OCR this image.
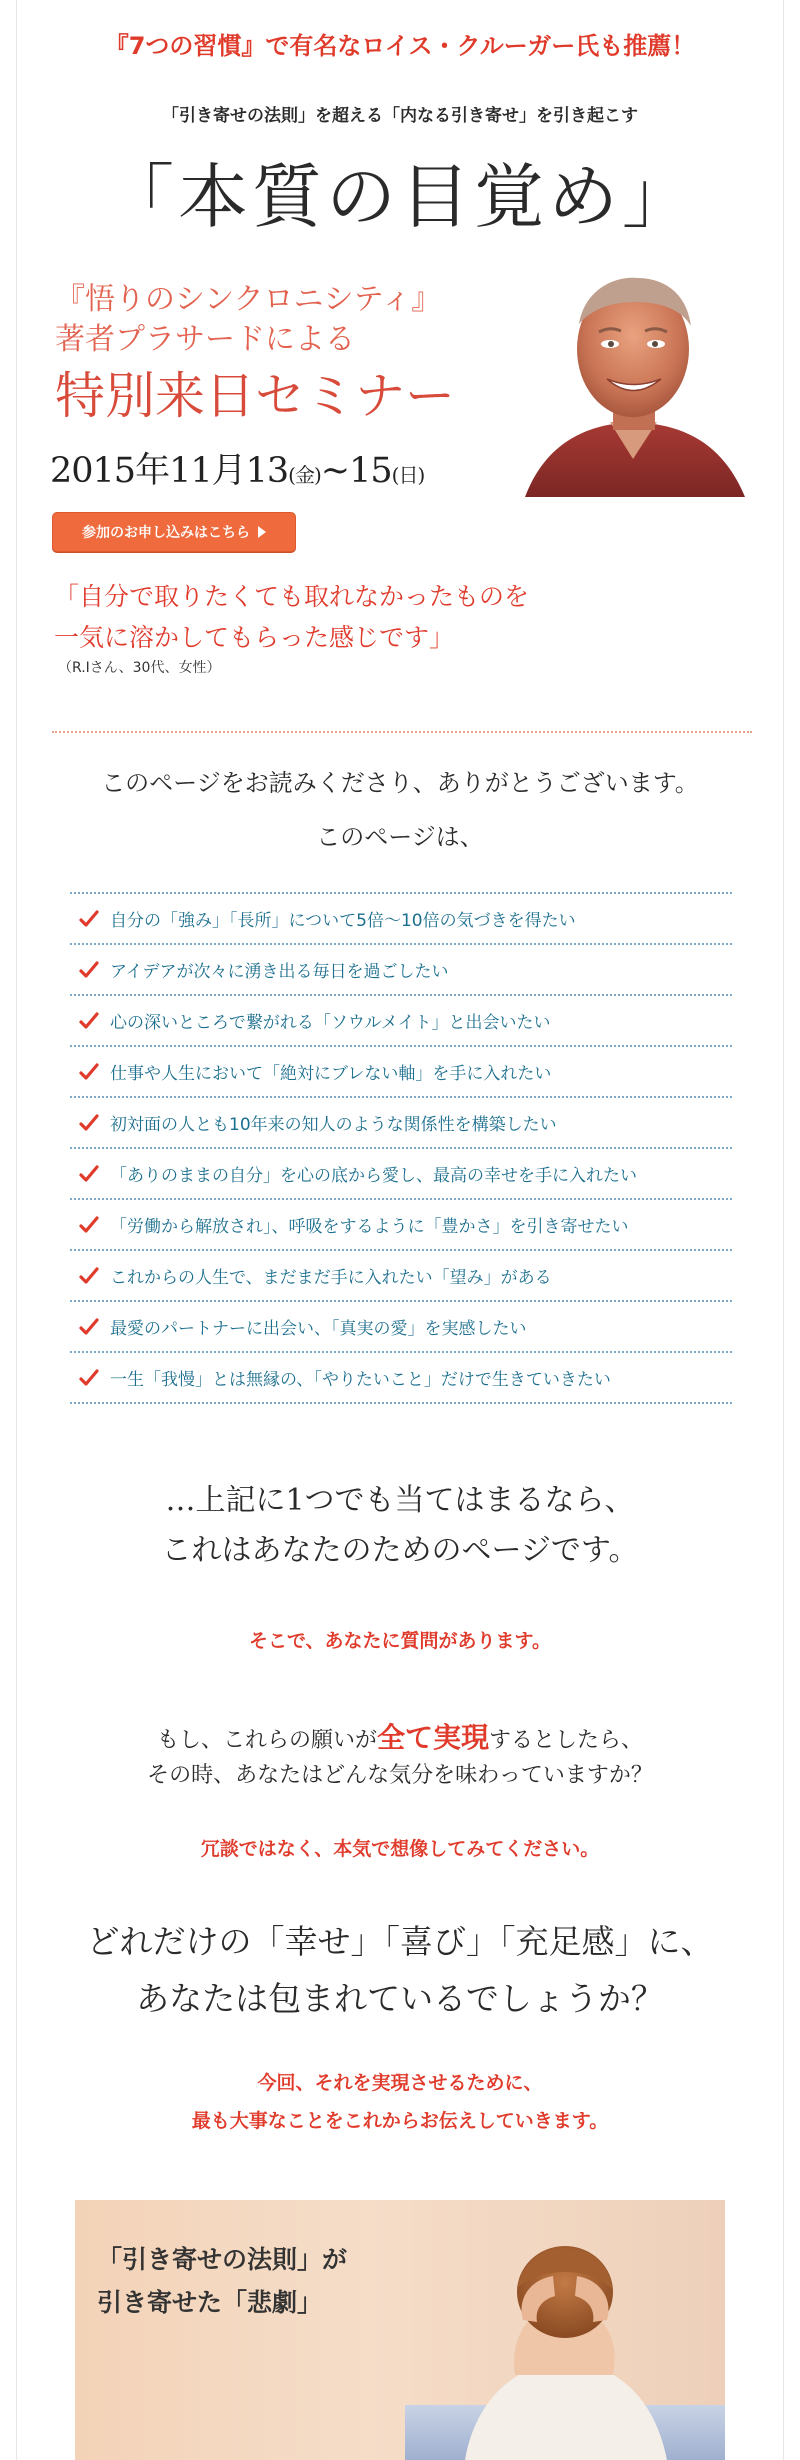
『7つの習慣』で有名なロイス・クルーガー氏も推薦！
「引き寄せの法則」を超える「内なる引き寄せ」を引き起こす
「本質の目覚め」
『悟りのシンクロニシティ』
著者プラサードによる
特別来日セミナー
2015年11月13(金)~15(日)
参加のお申し込みはこちら
「自分で取りたくても取れなかったものを
一気に溶かしてもらった感じです」
（R.Iさん、30代、女性）
このページをお読みくださり、ありがとうございます。
このページは、
自分の「強み」「長所」について5倍～10倍の気づきを得たい
アイデアが次々に湧き出る毎日を過ごしたい
心の深いところで繋がれる「ソウルメイト」と出会いたい
仕事や人生において「絶対にブレない軸」を手に入れたい
初対面の人とも10年来の知人のような関係性を構築したい
「ありのままの自分」を心の底から愛し、最高の幸せを手に入れたい
「労働から解放され」、呼吸をするように「豊かさ」を引き寄せたい
これからの人生で、まだまだ手に入れたい「望み」がある
最愛のパートナーに出会い、「真実の愛」を実感したい
一生「我慢」とは無縁の、「やりたいこと」だけで生きていきたい
…上記に1つでも当てはまるなら、
これはあなたのためのページです。
そこで、あなたに質問があります。
もし、これらの願いが全て実現するとしたら、
その時、あなたはどんな気分を味わっていますか？
冗談ではなく、本気で想像してみてください。
どれだけの「幸せ」「喜び」「充足感」に、
あなたは包まれているでしょうか？
今回、それを実現させるために、
最も大事なことをこれからお伝えしていきます。
「引き寄せの法則」が
引き寄せた「悲劇」
